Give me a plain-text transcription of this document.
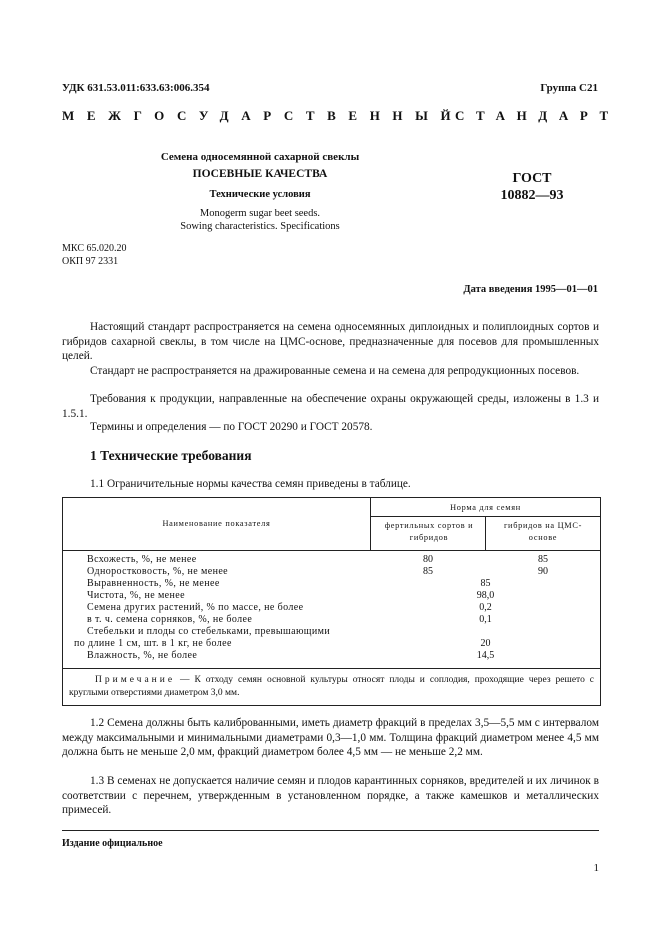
УДК 631.53.011:633.63:006.354	Группа С21
МЕЖГОСУДАРСТВЕННЫЙ
СТАНДАРТ
Семена односемянной сахарной свеклы
ПОСЕВНЫЕ КАЧЕСТВА
Технические условия
Monogerm sugar beet seeds.
Sowing characteristics. Specifications
ГОСТ
10882—93
МКС 65.020.20
ОКП 97 2331
Дата введения 1995—01—01
Настоящий стандарт распространяется на семена односемянных диплоидных и полиплоидных сортов и гибридов сахарной свеклы, в том числе на ЦМС-основе, предназначенные для посевов для промышленных целей.
Стандарт не распространяется на дражированные семена и на семена для репродукционных посевов.
Требования к продукции, направленные на обеспечение охраны окружающей среды, изложены в 1.3 и 1.5.1.
Термины и определения — по ГОСТ 20290 и ГОСТ 20578.
1 Технические требования
1.1 Ограничительные нормы качества семян приведены в таблице.
Наименование показателя
Норма для семян
фертильных сортов и гибридов
гибридов на ЦМС-основе
Всхожесть, %, не менее	80	85
Одноростковость, %, не менее	85	90
Выравненность, %, не менее	85
Чистота, %, не менее	98,0
Семена других растений, % по массе, не более	0,2
в т. ч. семена сорняков, %, не более	0,1
Стебельки и плоды со стебельками, превышающими
по длине 1 см, шт. в 1 кг, не более	20
Влажность, %, не более	14,5
Примечание — К отходу семян основной культуры относят плоды и соплодия, проходящие через решето с круглыми отверстиями диаметром 3,0 мм.
1.2 Семена должны быть калиброванными, иметь диаметр фракций в пределах 3,5—5,5 мм с интервалом между максимальными и минимальными диаметрами 0,3—1,0 мм. Толщина фракций диаметром менее 4,5 мм должна быть не меньше 2,0 мм, фракций диаметром более 4,5 мм — не меньше 2,2 мм.
1.3 В семенах не допускается наличие семян и плодов карантинных сорняков, вредителей и их личинок в соответствии с перечнем, утвержденным в установленном порядке, а также камешков и металлических примесей.
Издание официальное
1
